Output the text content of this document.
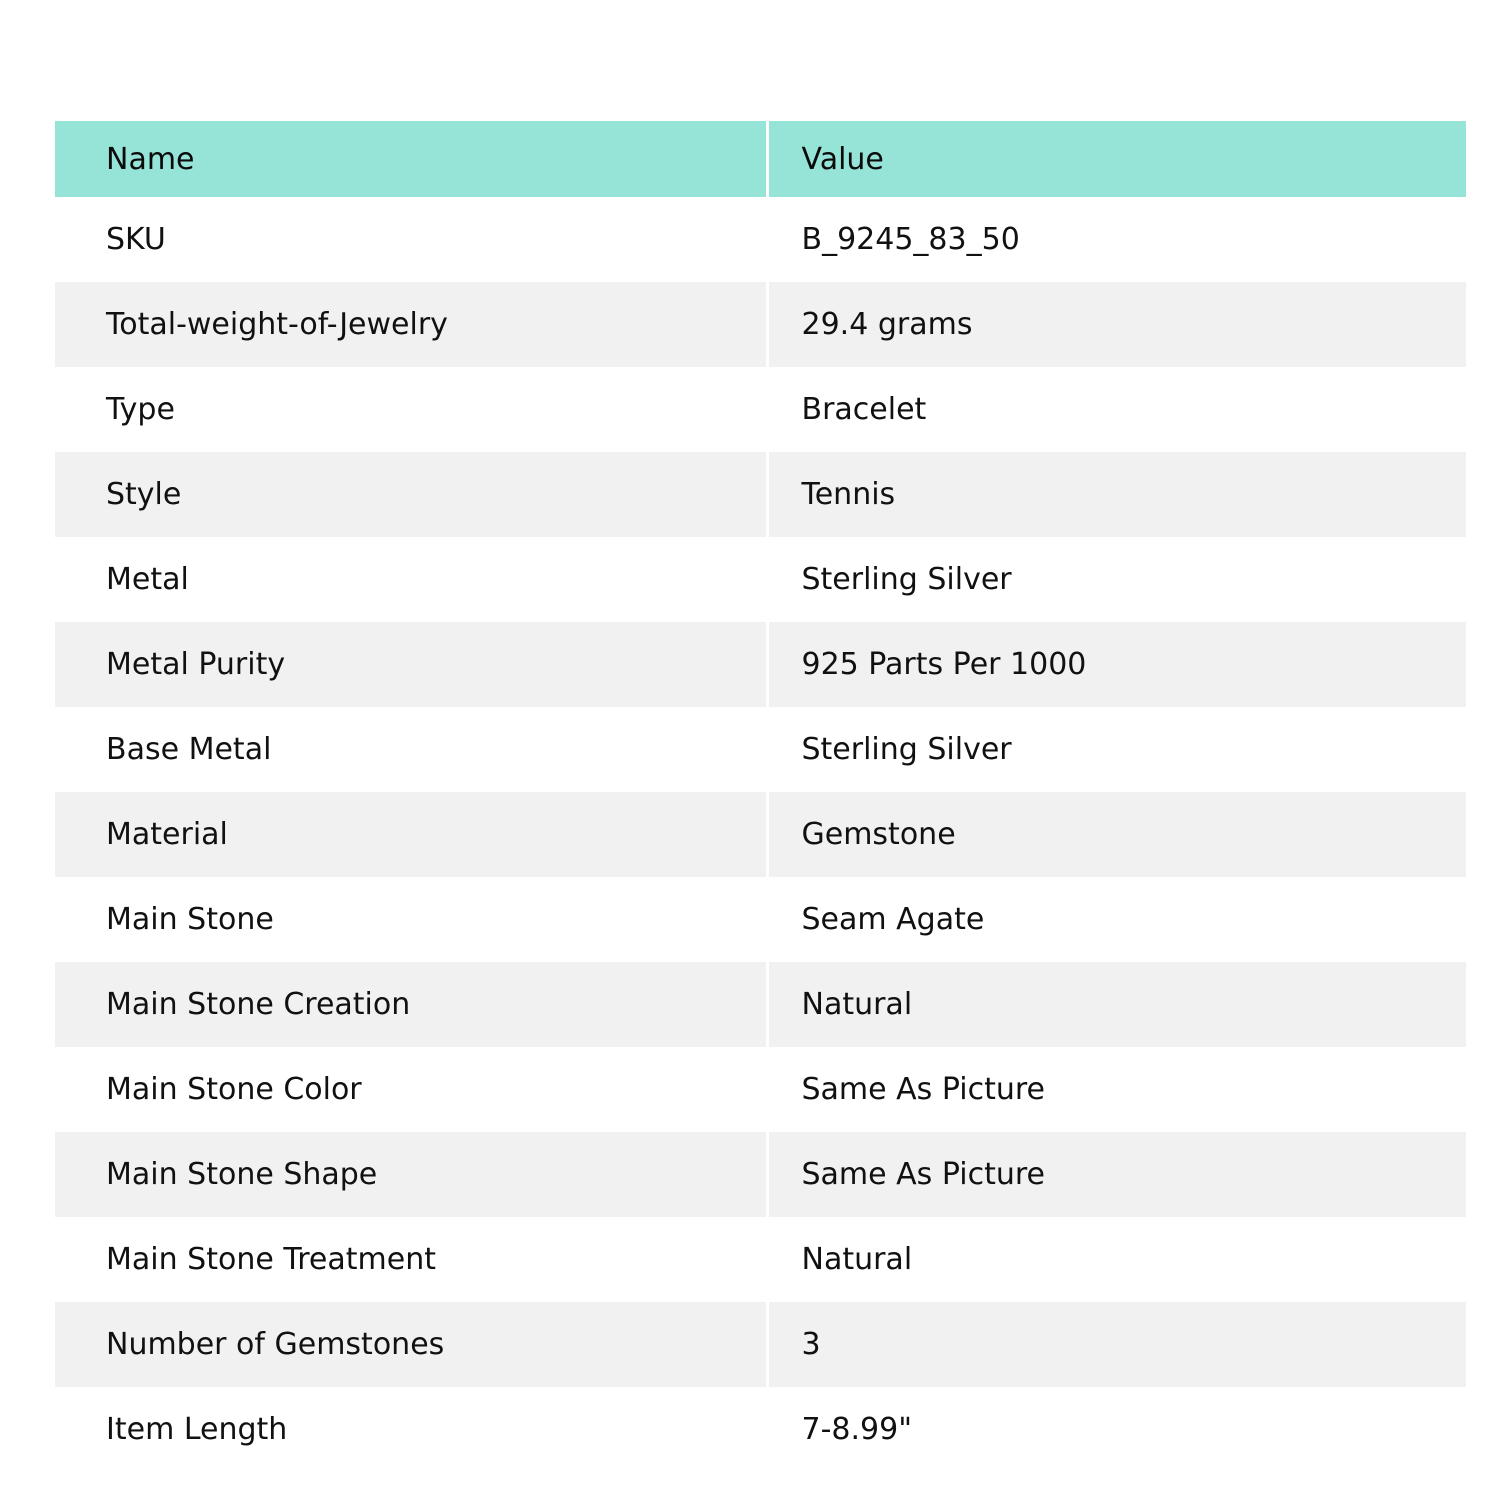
Name	Value
SKU	B_9245_83_50
Total-weight-of-Jewelry	29.4 grams
Type	Bracelet
Style	Tennis
Metal	Sterling Silver
Metal Purity	925 Parts Per 1000
Base Metal	Sterling Silver
Material	Gemstone
Main Stone	Seam Agate
Main Stone Creation	Natural
Main Stone Color	Same As Picture
Main Stone Shape	Same As Picture
Main Stone Treatment	Natural
Number of Gemstones	3
Item Length	7-8.99"
